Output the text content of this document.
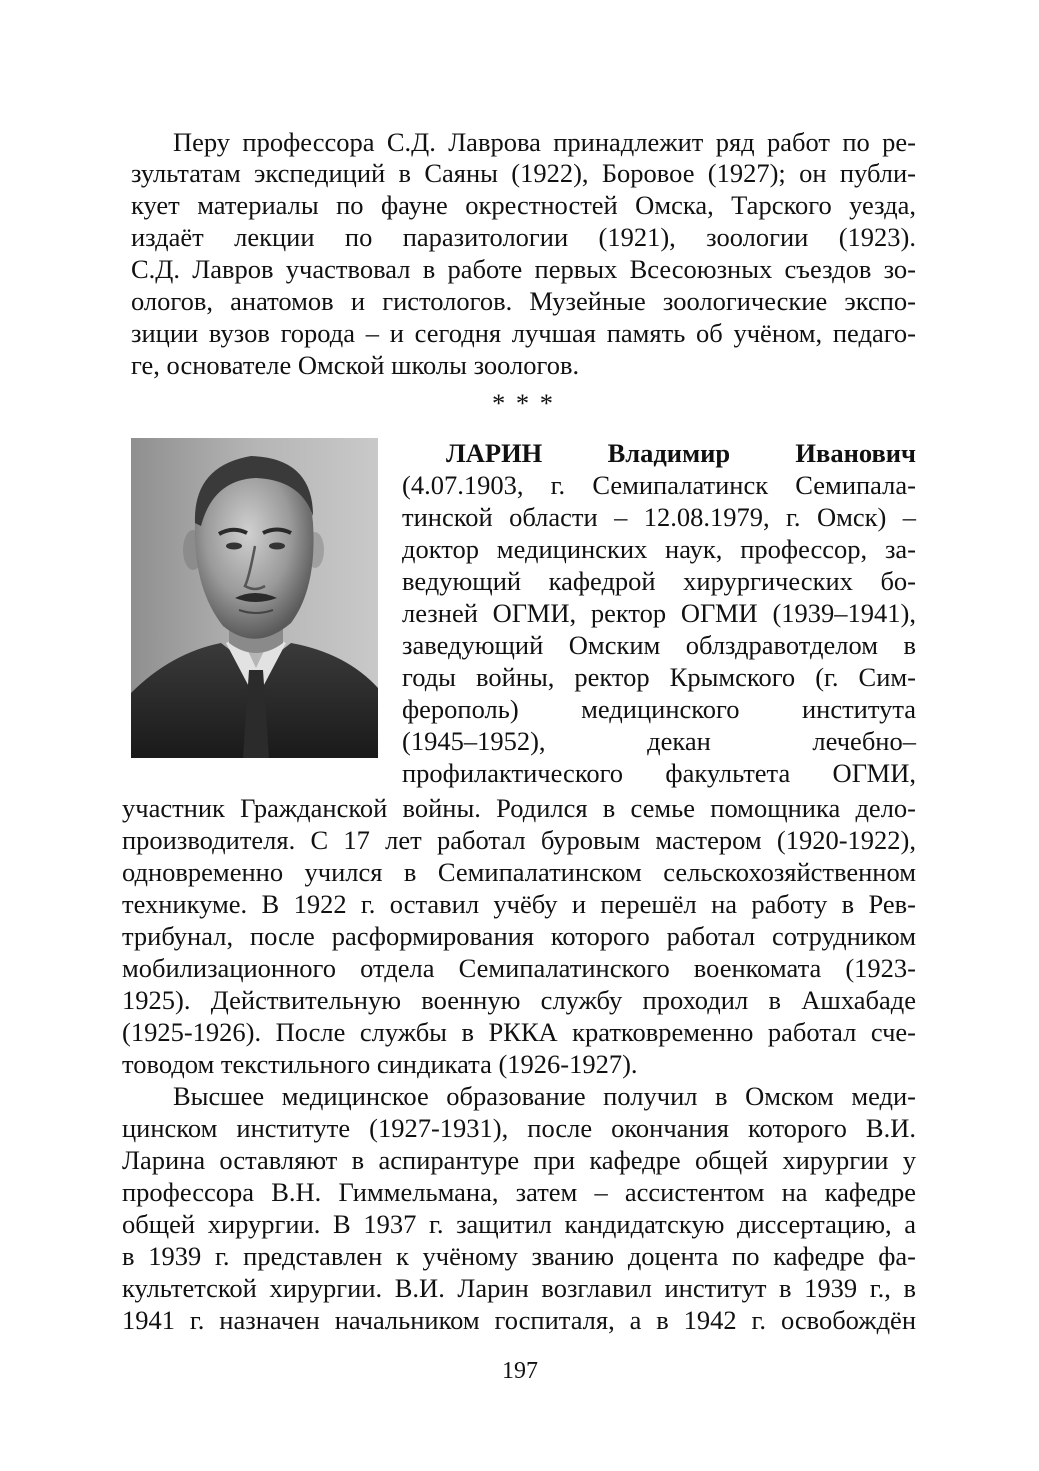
Перу профессора С.Д. Лаврова принадлежит ряд работ по ре-
зультатам экспедиций в Саяны (1922), Боровое (1927); он публи-
кует материалы по фауне окрестностей Омска, Тарского уезда,
издаёт лекции по паразитологии (1921), зоологии (1923).
С.Д. Лавров участвовал в работе первых Всесоюзных съездов зо-
ологов, анатомов и гистологов. Музейные зоологические экспо-
зиции вузов города – и сегодня лучшая память об учёном, педаго-
ге, основателе Омской школы зоологов.
* * *
ЛАРИН Владимир Иванович
(4.07.1903, г. Семипалатинск Семипала-
тинской области – 12.08.1979, г. Омск) –
доктор медицинских наук, профессор, за-
ведующий кафедрой хирургических бо-
лезней ОГМИ, ректор ОГМИ (1939–1941),
заведующий Омским облздравотделом в
годы войны, ректор Крымского (г. Сим-
ферополь) медицинского института
(1945–1952), декан лечебно–
профилактического факультета ОГМИ,
участник Гражданской войны. Родился в семье помощника дело-
производителя. С 17 лет работал буровым мастером (1920-1922),
одновременно учился в Семипалатинском сельскохозяйственном
техникуме. В 1922 г. оставил учёбу и перешёл на работу в Рев-
трибунал, после расформирования которого работал сотрудником
мобилизационного отдела Семипалатинского военкомата (1923-
1925). Действительную военную службу проходил в Ашхабаде
(1925-1926). После службы в РККА кратковременно работал сче-
товодом текстильного синдиката (1926-1927).
Высшее медицинское образование получил в Омском меди-
цинском институте (1927-1931), после окончания которого В.И.
Ларина оставляют в аспирантуре при кафедре общей хирургии у
профессора В.Н. Гиммельмана, затем – ассистентом на кафедре
общей хирургии. В 1937 г. защитил кандидатскую диссертацию, а
в 1939 г. представлен к учёному званию доцента по кафедре фа-
культетской хирургии. В.И. Ларин возглавил институт в 1939 г., в
1941 г. назначен начальником госпиталя, а в 1942 г. освобождён
197
